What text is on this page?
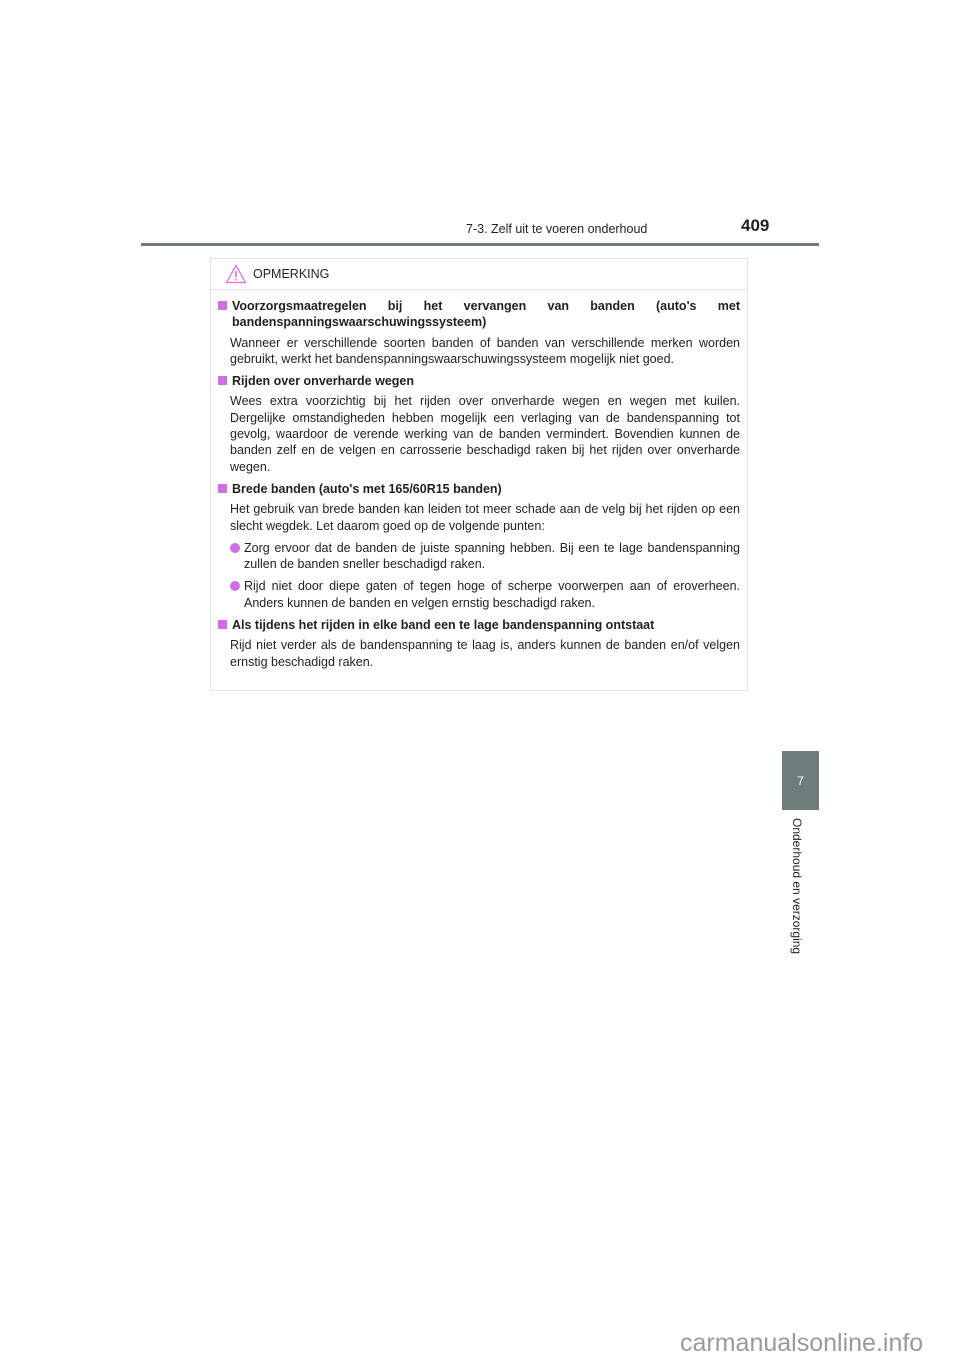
7-3. Zelf uit te voeren onderhoud	409
7
Onderhoud en verzorging
OPMERKING
Voorzorgsmaatregelen bij het vervangen van banden (auto's met bandenspanningswaarschuwingssysteem)
Wanneer er verschillende soorten banden of banden van verschillende merken worden gebruikt, werkt het bandenspanningswaarschuwingssysteem mogelijk niet goed.
Rijden over onverharde wegen
Wees extra voorzichtig bij het rijden over onverharde wegen en wegen met kuilen. Dergelijke omstandigheden hebben mogelijk een verlaging van de bandenspanning tot gevolg, waardoor de verende werking van de banden vermindert. Bovendien kunnen de banden zelf en de velgen en carrosserie beschadigd raken bij het rijden over onverharde wegen.
Brede banden (auto's met 165/60R15 banden)
Het gebruik van brede banden kan leiden tot meer schade aan de velg bij het rijden op een slecht wegdek. Let daarom goed op de volgende punten:
Zorg ervoor dat de banden de juiste spanning hebben. Bij een te lage bandenspanning zullen de banden sneller beschadigd raken.
Rijd niet door diepe gaten of tegen hoge of scherpe voorwerpen aan of eroverheen. Anders kunnen de banden en velgen ernstig beschadigd raken.
Als tijdens het rijden in elke band een te lage bandenspanning ontstaat
Rijd niet verder als de bandenspanning te laag is, anders kunnen de banden en/of velgen ernstig beschadigd raken.
carmanualsonline.info
